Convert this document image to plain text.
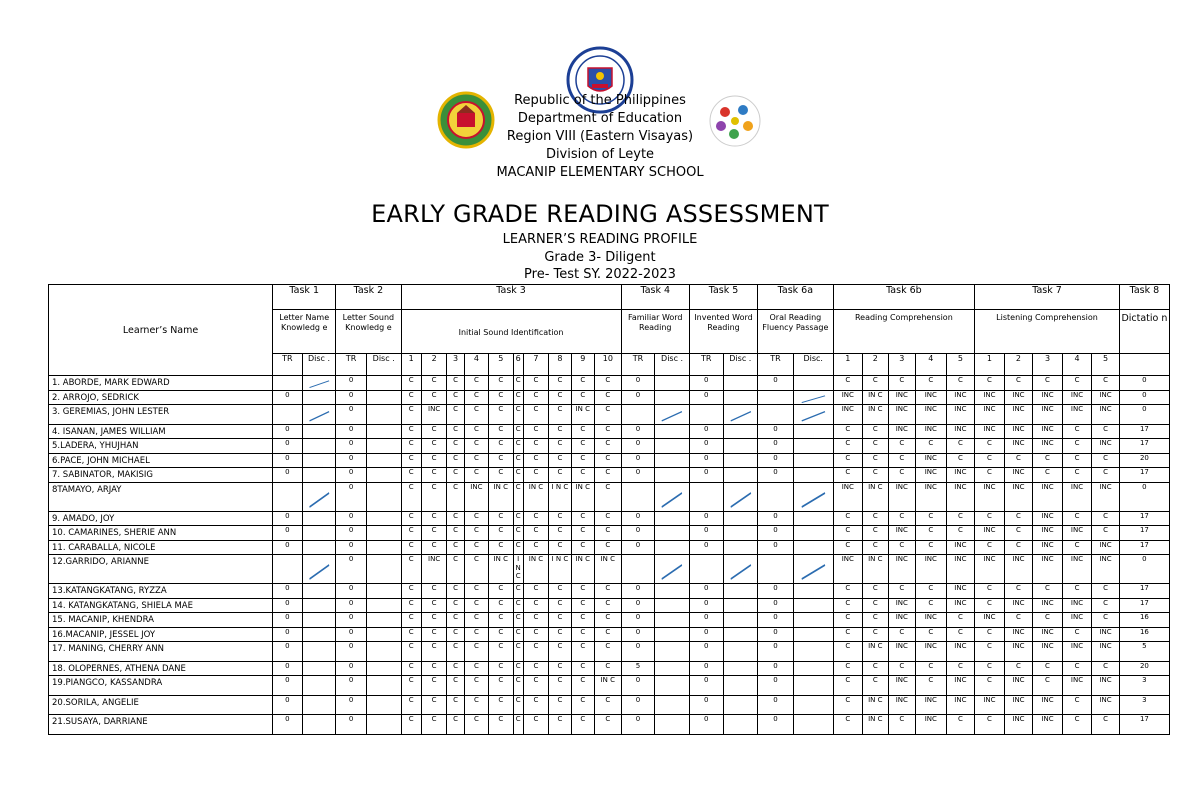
Republic of the Philippines
Department of Education
Region VIII (Eastern Visayas)
Division of Leyte
MACANIP ELEMENTARY SCHOOL
EARLY GRADE READING ASSESSMENT
LEARNER’S READING PROFILE
Grade 3- Diligent
Pre- Test SY. 2022-2023
Learner’s Name	Task 1		Task 2		Task 3										Task 4		Task 5		Task 6a		Task 6b					Task 7					Task 8
	Letter Name Knowledg e		Letter Sound Knowledg e		Initial Sound Identification										Familiar Word Reading		Invented Word Reading		Oral Reading Fluency Passage		Reading Comprehension					Listening Comprehension					Dictatio n
	TR	Disc .	TR	Disc .	1	2	3	4	5	6	7	8	9	10	TR	Disc .	TR	Disc .	TR	Disc.	1	2	3	4	5	1	2	3	4	5	
1. ABORDE, MARK EDWARD			0		C	C	C	C	C	C	C	C	C	C	0		0		0		C	C	C	C	C	C	C	C	C	C	0
2. ARROJO, SEDRICK	0		0		C	C	C	C	C	C	C	C	C	C	0		0				INC	IN C	INC	INC	INC	INC	INC	INC	INC	INC	0
3. GEREMIAS, JOHN LESTER			0		C	INC	C	C	C	C	C	C	IN C	C							INC	IN C	INC	INC	INC	INC	INC	INC	INC	INC	0
4. ISANAN, JAMES WILLIAM	0		0		C	C	C	C	C	C	C	C	C	C	0		0		0		C	C	INC	INC	INC	INC	INC	INC	C	C	17
5.LADERA, YHUJHAN	0		0		C	C	C	C	C	C	C	C	C	C	0		0		0		C	C	C	C	C	C	INC	INC	C	INC	17
6.PACE, JOHN MICHAEL	0		0		C	C	C	C	C	C	C	C	C	C	0		0		0		C	C	C	INC	C	C	C	C	C	C	20
7. SABINATOR, MAKISIG	0		0		C	C	C	C	C	C	C	C	C	C	0		0		0		C	C	C	INC	INC	C	INC	C	C	C	17
8TAMAYO, ARJAY			0		C	C	C	INC	IN C	C	IN C	I N C	IN C	C							INC	IN C	INC	INC	INC	INC	INC	INC	INC	INC	0
9. AMADO, JOY	0		0		C	C	C	C	C	C	C	C	C	C	0		0		0		C	C	C	C	C	C	C	INC	C	C	17
10. CAMARINES, SHERIE ANN	0		0		C	C	C	C	C	C	C	C	C	C	0		0		0		C	C	INC	C	C	INC	C	INC	INC	C	17
11. CARABALLA, NICOLE	0		0		C	C	C	C	C	C	C	C	C	C	0		0		0		C	C	C	C	INC	C	C	INC	C	INC	17
12.GARRIDO, ARIANNE			0		C	INC	C	C	IN C	I N C	IN C	I N C	IN C	IN C							INC	IN C	INC	INC	INC	INC	INC	INC	INC	INC	0
13.KATANGKATANG, RYZZA	0		0		C	C	C	C	C	C	C	C	C	C	0		0		0		C	C	C	C	INC	C	C	C	C	C	17
14. KATANGKATANG, SHIELA MAE	0		0		C	C	C	C	C	C	C	C	C	C	0		0		0		C	C	INC	C	INC	C	INC	INC	INC	C	17
15. MACANIP, KHENDRA	0		0		C	C	C	C	C	C	C	C	C	C	0		0		0		C	C	INC	INC	C	INC	C	C	INC	C	16
16.MACANIP, JESSEL JOY	0		0		C	C	C	C	C	C	C	C	C	C	0		0		0		C	C	C	C	C	C	INC	INC	C	INC	16
17. MANING, CHERRY ANN	0		0		C	C	C	C	C	C	C	C	C	C	0		0		0		C	IN C	INC	INC	INC	C	INC	INC	INC	INC	5
18. OLOPERNES, ATHENA DANE	0		0		C	C	C	C	C	C	C	C	C	C	5		0		0		C	C	C	C	C	C	C	C	C	C	20
19.PIANGCO, KASSANDRA	0		0		C	C	C	C	C	C	C	C	C	IN C	0		0		0		C	C	INC	C	INC	C	INC	C	INC	INC	3
20.SORILA, ANGELIE	0		0		C	C	C	C	C	C	C	C	C	C	0		0		0		C	IN C	INC	INC	INC	INC	INC	INC	C	INC	3
21.SUSAYA, DARRIANE	0		0		C	C	C	C	C	C	C	C	C	C	0		0		0		C	IN C	C	INC	C	C	INC	INC	C	C	17
